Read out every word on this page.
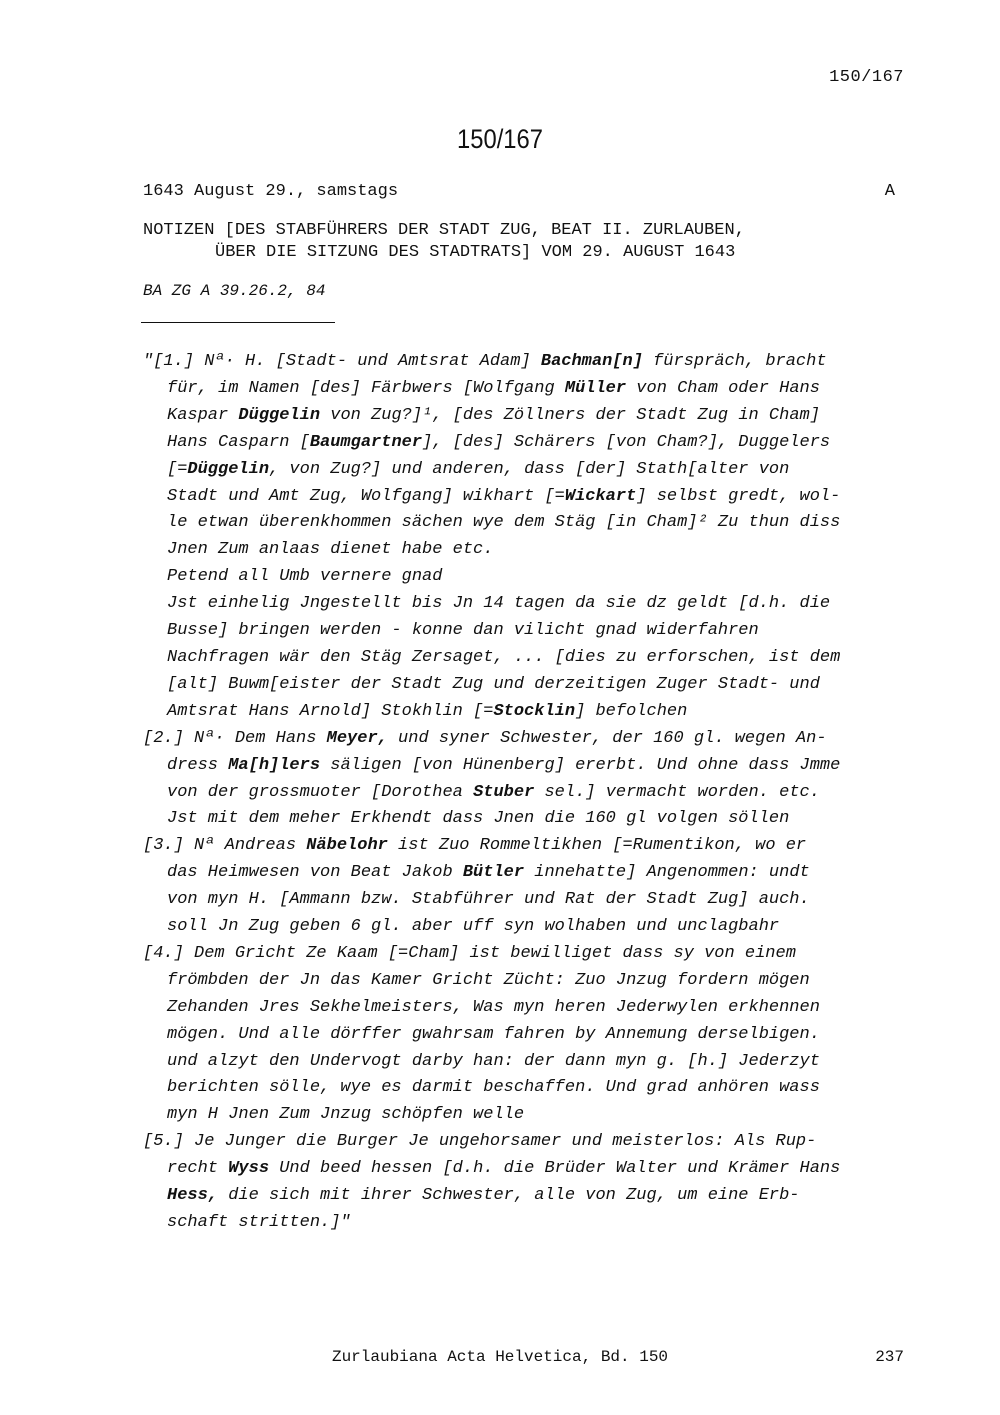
150/167
150/167
1643 August 29., samstags	A
NOTIZEN [DES STABFÜHRERS DER STADT ZUG, BEAT II. ZURLAUBEN,
ÜBER DIE SITZUNG DES STADTRATS] VOM 29. AUGUST 1643
BA ZG A 39.26.2, 84
"[1.] Nª· H. [Stadt- und Amtsrat Adam] Bachman[n] fürspräch, bracht
für, im Namen [des] Färbwers [Wolfgang Müller von Cham oder Hans
Kaspar Düggelin von Zug?]¹, [des Zöllners der Stadt Zug in Cham]
Hans Casparn [Baumgartner], [des] Schärers [von Cham?], Duggelers
[=Düggelin, von Zug?] und anderen, dass [der] Stath[alter von
Stadt und Amt Zug, Wolfgang] wikhart [=Wickart] selbst gredt, wol-
le etwan überenkhommen sächen wye dem Stäg [in Cham]² Zu thun diss
Jnen Zum anlaas dienet habe etc.
Petend all Umb vernere gnad
Jst einhelig Jngestellt bis Jn 14 tagen da sie dz geldt [d.h. die
Busse] bringen werden - konne dan vilicht gnad widerfahren
Nachfragen wär den Stäg Zersaget, ... [dies zu erforschen, ist dem
[alt] Buwm[eister der Stadt Zug und derzeitigen Zuger Stadt- und
Amtsrat Hans Arnold] Stokhlin [=Stocklin] befolchen
[2.] Nª· Dem Hans Meyer, und syner Schwester, der 160 gl. wegen An-
dress Ma[h]lers säligen [von Hünenberg] ererbt. Und ohne dass Jmme
von der grossmuoter [Dorothea Stuber sel.] vermacht worden. etc.
Jst mit dem meher Erkhendt dass Jnen die 160 gl volgen söllen
[3.] Nª Andreas Näbelohr ist Zuo Rommeltikhen [=Rumentikon, wo er
das Heimwesen von Beat Jakob Bütler innehatte] Angenommen: undt
von myn H. [Ammann bzw. Stabführer und Rat der Stadt Zug] auch.
soll Jn Zug geben 6 gl. aber uff syn wolhaben und unclagbahr
[4.] Dem Gricht Ze Kaam [=Cham] ist bewilliget dass sy von einem
frömbden der Jn das Kamer Gricht Zücht: Zuo Jnzug fordern mögen
Zehanden Jres Sekhelmeisters, Was myn heren Jederwylen erkhennen
mögen. Und alle dörffer gwahrsam fahren by Annemung derselbigen.
und alzyt den Undervogt darby han: der dann myn g. [h.] Jederzyt
berichten sölle, wye es darmit beschaffen. Und grad anhören wass
myn H Jnen Zum Jnzug schöpfen welle
[5.] Je Junger die Burger Je ungehorsamer und meisterlos: Als Rup-
recht Wyss Und beed hessen [d.h. die Brüder Walter und Krämer Hans
Hess, die sich mit ihrer Schwester, alle von Zug, um eine Erb-
schaft stritten.]"
Zurlaubiana Acta Helvetica, Bd. 150	237
